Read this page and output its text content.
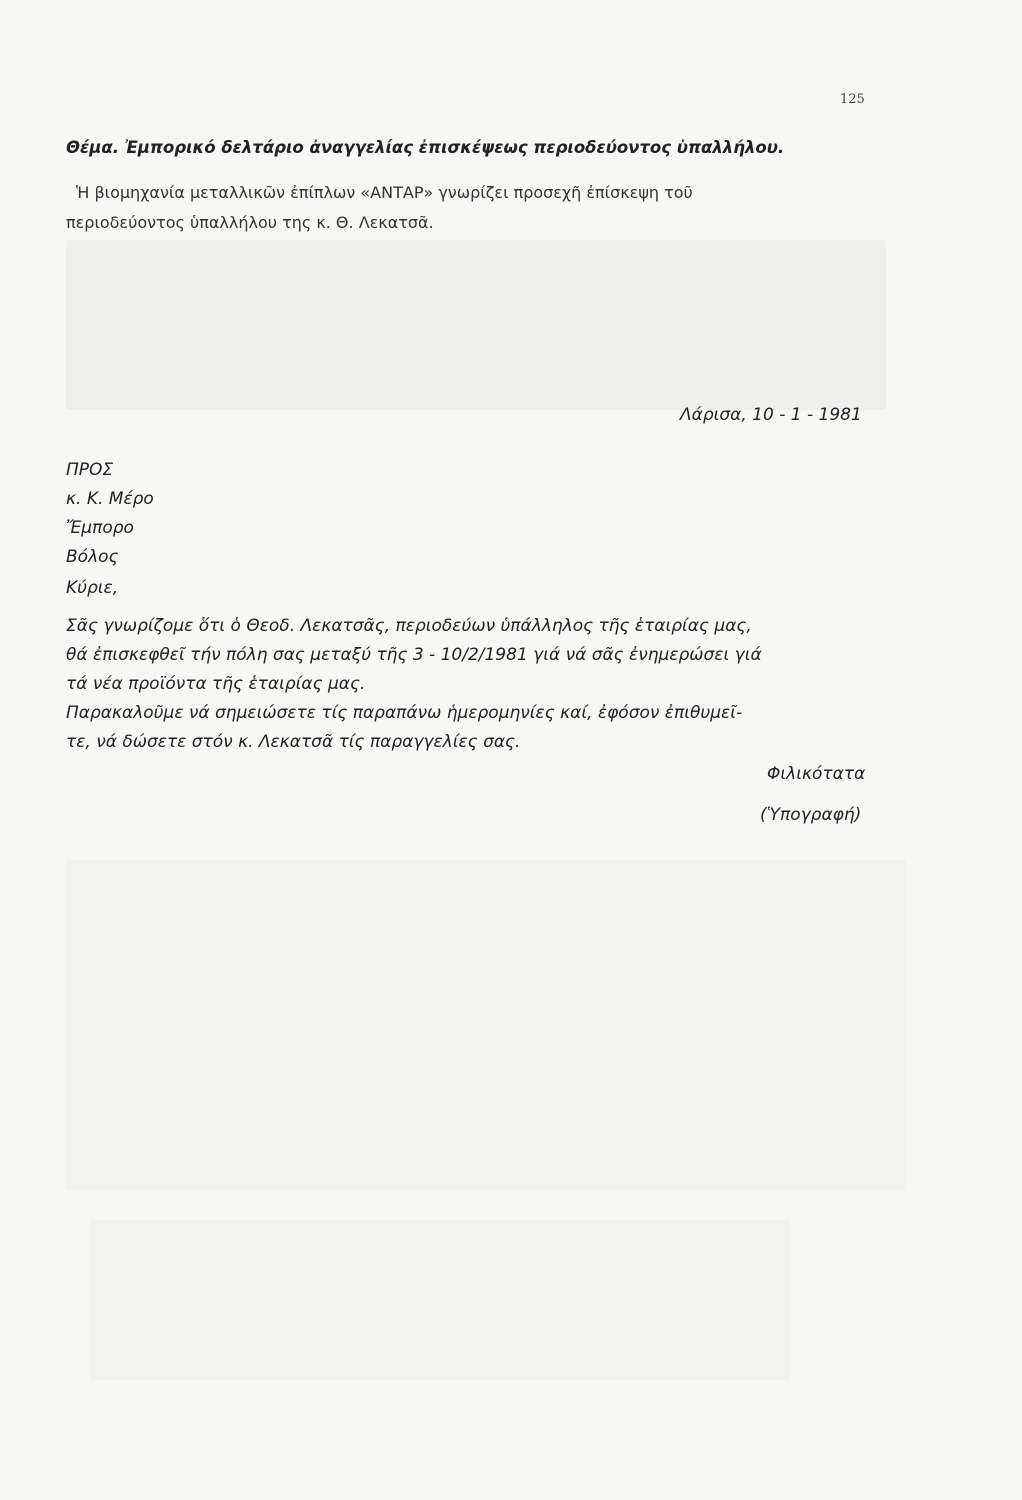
125
Θέμα. Ἐμπορικό δελτάριο ἀναγγελίας ἐπισκέψεως περιοδεύοντος ὑπαλλήλου.
Ἡ βιομηχανία μεταλλικῶν ἐπίπλων «ΑΝΤΑΡ» γνωρίζει προσεχῆ ἐπίσκεψη τοῦ
περιοδεύοντος ὑπαλλήλου της κ. Θ. Λεκατσᾶ.
Λάρισα, 10 - 1 - 1981
ΠΡΟΣ
κ. Κ. Μέρο
Ἔμπορο
Βόλος
Κύριε,
Σᾶς γνωρίζομε ὅτι ὁ Θεοδ. Λεκατσᾶς, περιοδεύων ὑπάλληλος τῆς ἑταιρίας μας,
θά ἐπισκεφθεῖ τήν πόλη σας μεταξύ τῆς 3 - 10/2/1981 γιά νά σᾶς ἐνημερώσει γιά
τά νέα προϊόντα τῆς ἑταιρίας μας.
Παρακαλοῦμε νά σημειώσετε τίς παραπάνω ἡμερομηνίες καί, ἐφόσον ἐπιθυμεῖ-
τε, νά δώσετε στόν κ. Λεκατσᾶ τίς παραγγελίες σας.
Φιλικότατα
(Ὑπογραφή)
